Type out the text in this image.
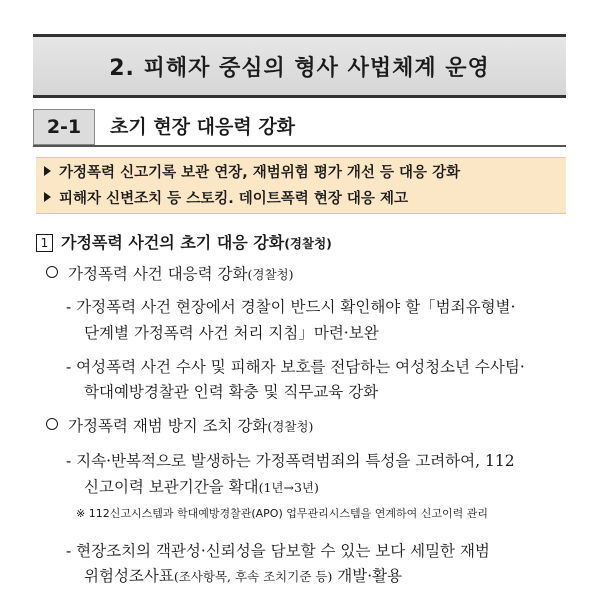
2. 피해자 중심의 형사 사법체계 운영
2-1	초기 현장 대응력 강화
가정폭력 신고기록 보관 연장, 재범위험 평가 개선 등 대응 강화
피해자 신변조치 등 스토킹. 데이트폭력 현장 대응 제고
1 가정폭력 사건의 초기 대응 강화(경찰청)
가정폭력 사건 대응력 강화(경찰청)
- 가정폭력 사건 현장에서 경찰이 반드시 확인해야 할「범죄유형별·
단계별 가정폭력 사건 처리 지침」마련·보완
- 여성폭력 사건 수사 및 피해자 보호를 전담하는 여성청소년 수사팀·
학대예방경찰관 인력 확충 및 직무교육 강화
가정폭력 재범 방지 조치 강화(경찰청)
- 지속·반복적으로 발생하는 가정폭력범죄의 특성을 고려하여, 112
신고이력 보관기간을 확대(1년→3년)
※ 112신고시스템과 학대예방경찰관(APO) 업무관리시스템을 연계하여 신고이력 관리
- 현장조치의 객관성·신뢰성을 담보할 수 있는 보다 세밀한 재범
위험성조사표(조사항목, 후속 조치기준 등) 개발·활용
